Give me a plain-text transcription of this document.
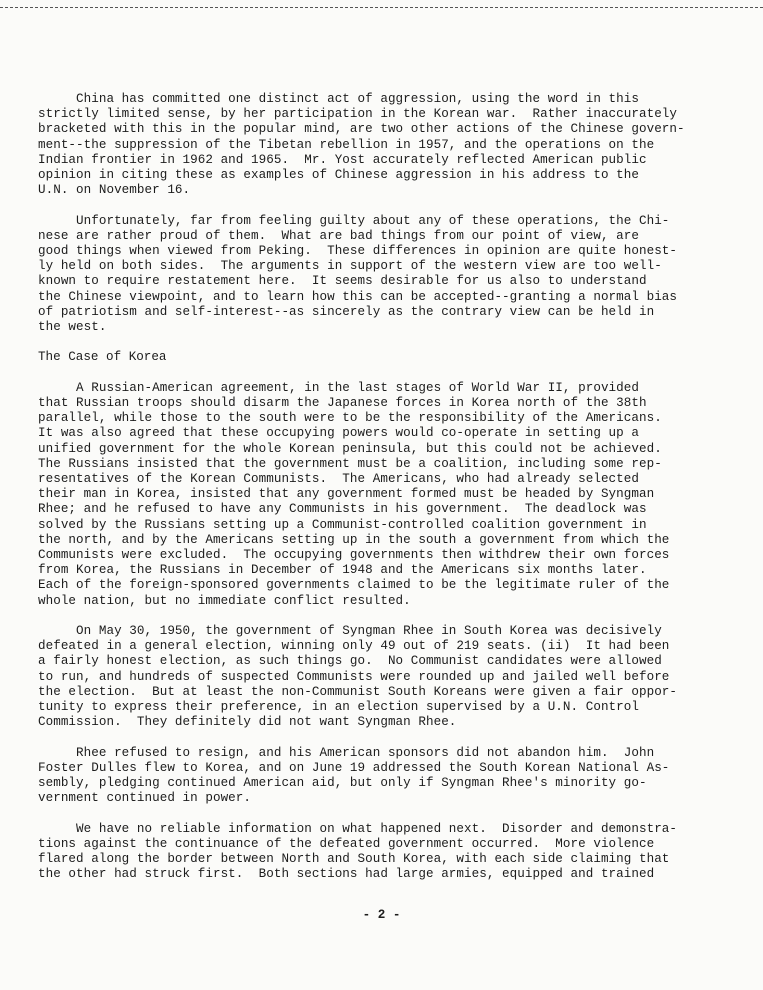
China has committed one distinct act of aggression, using the word in this
strictly limited sense, by her participation in the Korean war.  Rather inaccurately
bracketed with this in the popular mind, are two other actions of the Chinese govern-
ment--the suppression of the Tibetan rebellion in 1957, and the operations on the
Indian frontier in 1962 and 1965.  Mr. Yost accurately reflected American public
opinion in citing these as examples of Chinese aggression in his address to the
U.N. on November 16.

Unfortunately, far from feeling guilty about any of these operations, the Chi-
nese are rather proud of them.  What are bad things from our point of view, are
good things when viewed from Peking.  These differences in opinion are quite honest-
ly held on both sides.  The arguments in support of the western view are too well-
known to require restatement here.  It seems desirable for us also to understand
the Chinese viewpoint, and to learn how this can be accepted--granting a normal bias
of patriotism and self-interest--as sincerely as the contrary view can be held in
the west.

The Case of Korea

A Russian-American agreement, in the last stages of World War II, provided
that Russian troops should disarm the Japanese forces in Korea north of the 38th
parallel, while those to the south were to be the responsibility of the Americans.
It was also agreed that these occupying powers would co-operate in setting up a
unified government for the whole Korean peninsula, but this could not be achieved.
The Russians insisted that the government must be a coalition, including some rep-
resentatives of the Korean Communists.  The Americans, who had already selected
their man in Korea, insisted that any government formed must be headed by Syngman
Rhee; and he refused to have any Communists in his government.  The deadlock was
solved by the Russians setting up a Communist-controlled coalition government in
the north, and by the Americans setting up in the south a government from which the
Communists were excluded.  The occupying governments then withdrew their own forces
from Korea, the Russians in December of 1948 and the Americans six months later.
Each of the foreign-sponsored governments claimed to be the legitimate ruler of the
whole nation, but no immediate conflict resulted.

On May 30, 1950, the government of Syngman Rhee in South Korea was decisively
defeated in a general election, winning only 49 out of 219 seats. (ii)  It had been
a fairly honest election, as such things go.  No Communist candidates were allowed
to run, and hundreds of suspected Communists were rounded up and jailed well before
the election.  But at least the non-Communist South Koreans were given a fair oppor-
tunity to express their preference, in an election supervised by a U.N. Control
Commission.  They definitely did not want Syngman Rhee.

Rhee refused to resign, and his American sponsors did not abandon him.  John
Foster Dulles flew to Korea, and on June 19 addressed the South Korean National As-
sembly, pledging continued American aid, but only if Syngman Rhee's minority go-
vernment continued in power.

We have no reliable information on what happened next.  Disorder and demonstra-
tions against the continuance of the defeated government occurred.  More violence
flared along the border between North and South Korea, with each side claiming that
the other had struck first.  Both sections had large armies, equipped and trained

- 2 -
